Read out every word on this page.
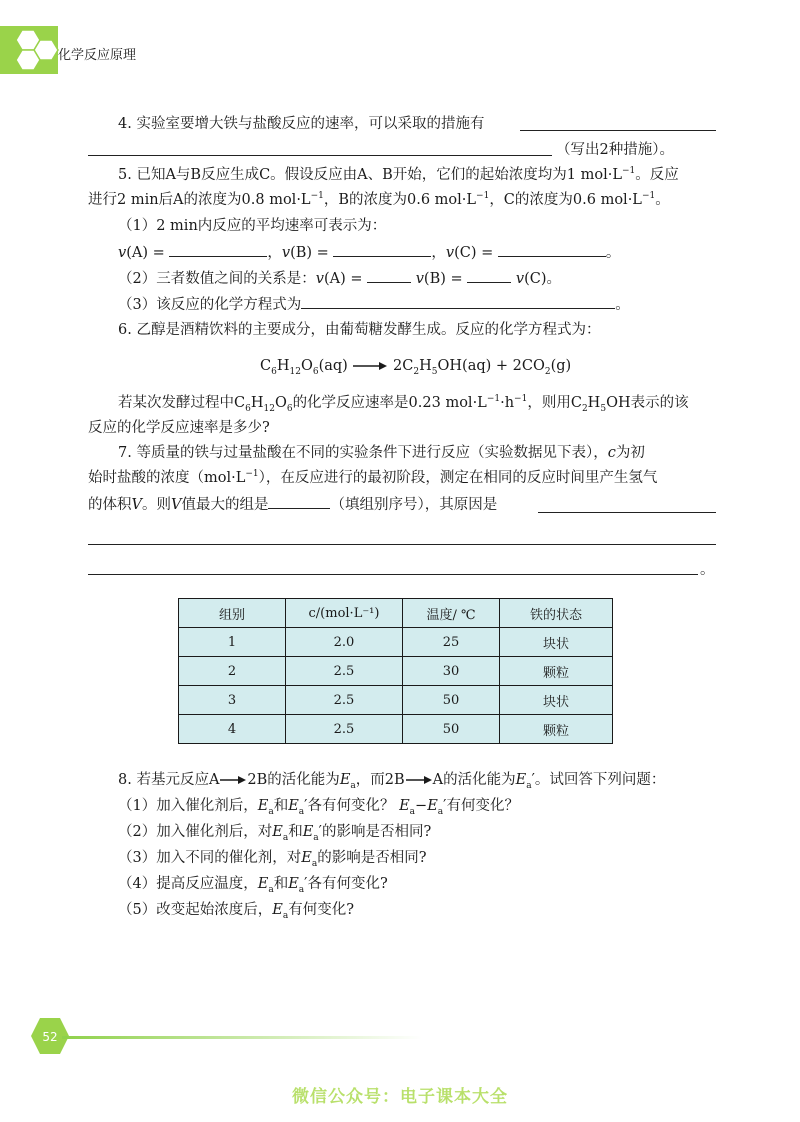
化学反应原理
4. 实验室要增大铁与盐酸反应的速率，可以采取的措施有
（写出2种措施）。
5. 已知A与B反应生成C。假设反应由A、B开始，它们的起始浓度均为1 $mol\cdot L^{-1}$。反应
进行2 min后A的浓度为0.8 $mol\cdot L^{-1}$，B的浓度为0.6 $mol\cdot L^{-1}$，C的浓度为0.6 $mol\cdot L^{-1}$。
（1）2 min内反应的平均速率可表示为：
v(A) =	，v(B) =	，v(C) =	。
（2）三者数值之间的关系是：v(A) =	v(B) =	v(C)。
（3）该反应的化学方程式为	。
6. 乙醇是酒精饮料的主要成分，由葡萄糖发酵生成。反应的化学方程式为：
$C_6H_{12}O_6(aq)$	$2C_2H_5OH(aq) + 2CO_2(g)$
若某次发酵过程中$C_6H_{12}O_6$的化学反应速率是0.23 $mol\cdot L^{-1}\cdot h^{-1}$，则用$C_2H_5OH$表示的该
反应的化学反应速率是多少?
7. 等质量的铁与过量盐酸在不同的实验条件下进行反应（实验数据见下表），c为初
始时盐酸的浓度$(mol\cdot L^{-1})$，在反应进行的最初阶段，测定在相同的反应时间里产生氢气
的体积V。则V值最大的组是	（填组别序号），其原因是
。
组别	c/(mol·L⁻¹)	温度/ ℃	铁的状态
1	2.0	25	块状
2	2.5	30	颗粒
3	2.5	50	块状
4	2.5	50	颗粒
8. 若基元反应A 2B的活化能为$E_a$，而2B A的活化能为$E_a'$。试回答下列问题：
（1）加入催化剂后，$E_a$和$E_a'$各有何变化？ $E_a-E_a'$有何变化？
（2）加入催化剂后，对$E_a$和$E_a'$的影响是否相同?
（3）加入不同的催化剂，对$E_a$的影响是否相同?
（4）提高反应温度，$E_a$和$E_a'$各有何变化?
（5）改变起始浓度后，$E_a$有何变化?
52
微信公众号：电子课本大全
